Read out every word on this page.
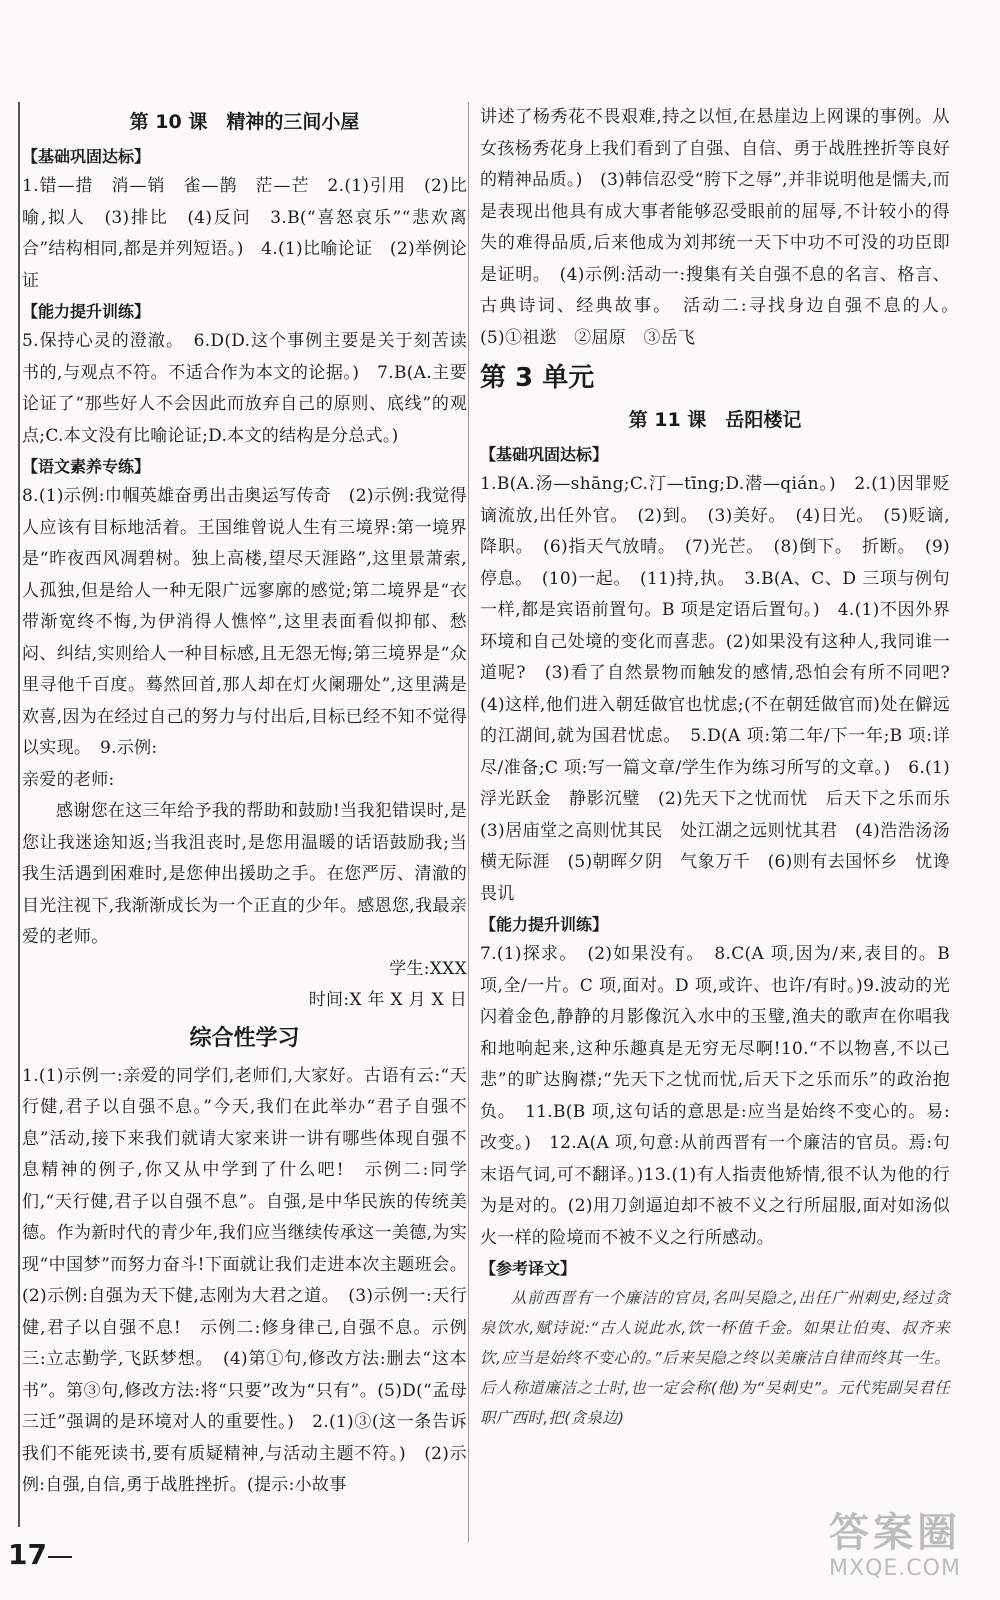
第 10 课　精神的三间小屋
【基础巩固达标】

1.错—措　消—销　雀—鹊　茫—芒　2.(1)引用　(2)比喻,拟人　(3)排比　(4)反问　3.B(“喜怒哀乐”“悲欢离合”结构相同,都是并列短语。)　4.(1)比喻论证　(2)举例论证

【能力提升训练】

5.保持心灵的澄澈。　6.D(D.这个事例主要是关于刻苦读书的,与观点不符。不适合作为本文的论据。)　7.B(A.主要论证了“那些好人不会因此而放弃自己的原则、底线”的观点;C.本文没有比喻论证;D.本文的结构是分总式。)

【语文素养专练】

8.(1)示例:巾帼英雄奋勇出击奥运写传奇　(2)示例:我觉得人应该有目标地活着。王国维曾说人生有三境界:第一境界是“昨夜西风凋碧树。独上高楼,望尽天涯路”,这里景萧索,人孤独,但是给人一种无限广远寥廓的感觉;第二境界是“衣带渐宽终不悔,为伊消得人憔悴”,这里表面看似抑郁、愁闷、纠结,实则给人一种目标感,且无怨无悔;第三境界是“众里寻他千百度。蓦然回首,那人却在灯火阑珊处”,这里满是欢喜,因为在经过自己的努力与付出后,目标已经不知不觉得以实现。　9.示例:

亲爱的老师:

感谢您在这三年给予我的帮助和鼓励!当我犯错误时,是您让我迷途知返;当我沮丧时,是您用温暖的话语鼓励我;当我生活遇到困难时,是您伸出援助之手。在您严厉、清澈的目光注视下,我渐渐成长为一个正直的少年。感恩您,我最亲爱的老师。

学生:XXX

时间:X 年 X 月 X 日

综合性学习

1.(1)示例一:亲爱的同学们,老师们,大家好。古语有云:“天行健,君子以自强不息。”今天,我们在此举办“君子自强不息”活动,接下来我们就请大家来讲一讲有哪些体现自强不息精神的例子,你又从中学到了什么吧!　示例二:同学们,“天行健,君子以自强不息”。自强,是中华民族的传统美德。作为新时代的青少年,我们应当继续传承这一美德,为实现“中国梦”而努力奋斗!下面就让我们走进本次主题班会。(2)示例:自强为天下健,志刚为大君之道。　(3)示例一:天行健,君子以自强不息!　示例二:修身律己,自强不息。示例三:立志勤学,飞跃梦想。　(4)第①句,修改方法:删去“这本书”。第③句,修改方法:将“只要”改为“只有”。(5)D(“孟母三迁”强调的是环境对人的重要性。)　2.(1)③(这一条告诉我们不能死读书,要有质疑精神,与活动主题不符。)　(2)示例:自强,自信,勇于战胜挫折。(提示:小故事

讲述了杨秀花不畏艰难,持之以恒,在悬崖边上网课的事例。从女孩杨秀花身上我们看到了自强、自信、勇于战胜挫折等良好的精神品质。)　(3)韩信忍受“胯下之辱”,并非说明他是懦夫,而是表现出他具有成大事者能够忍受眼前的屈辱,不计较小的得失的难得品质,后来他成为刘邦统一天下中功不可没的功臣即是证明。　(4)示例:活动一:搜集有关自强不息的名言、格言、古典诗词、经典故事。　活动二:寻找身边自强不息的人。　(5)①祖逖　②屈原　③岳飞

第 3 单元
第 11 课　岳阳楼记
【基础巩固达标】

1.B(A.汤—shāng;C.汀—tīng;D.潜—qián。)　2.(1)因罪贬谪流放,出任外官。　(2)到。　(3)美好。　(4)日光。　(5)贬谪,降职。　(6)指天气放晴。　(7)光芒。　(8)倒下。　折断。　(9)停息。　(10)一起。　(11)持,执。　3.B(A、C、D 三项与例句一样,都是宾语前置句。B 项是定语后置句。)　4.(1)不因外界环境和自己处境的变化而喜悲。(2)如果没有这种人,我同谁一道呢?　(3)看了自然景物而触发的感情,恐怕会有所不同吧?　(4)这样,他们进入朝廷做官也忧虑;(不在朝廷做官而)处在僻远的江湖间,就为国君忧虑。　5.D(A 项:第二年/下一年;B 项:详尽/准备;C 项:写一篇文章/学生作为练习所写的文章。)　6.(1)浮光跃金　静影沉璧　(2)先天下之忧而忧　后天下之乐而乐　(3)居庙堂之高则忧其民　处江湖之远则忧其君　(4)浩浩汤汤　横无际涯　(5)朝晖夕阴　气象万千　(6)则有去国怀乡　忧谗畏讥

【能力提升训练】

7.(1)探求。　(2)如果没有。　8.C(A 项,因为/来,表目的。B 项,全/一片。C 项,面对。D 项,或许、也许/有时。)9.波动的光闪着金色,静静的月影像沉入水中的玉璧,渔夫的歌声在你唱我和地响起来,这种乐趣真是无穷无尽啊!10.“不以物喜,不以己悲”的旷达胸襟;“先天下之忧而忧,后天下之乐而乐”的政治抱负。　11.B(B 项,这句话的意思是:应当是始终不变心的。易:改变。)　12.A(A 项,句意:从前西晋有一个廉洁的官员。焉:句末语气词,可不翻译。)13.(1)有人指责他矫情,很不认为他的行为是对的。(2)用刀剑逼迫却不被不义之行所屈服,面对如汤似火一样的险境而不被不义之行所感动。

【参考译文】

从前西晋有一个廉洁的官员,名叫吴隐之,出任广州刺史,经过贪泉饮水,赋诗说:“古人说此水,饮一杯值千金。如果让伯夷、叔齐来饮,应当是始终不变心的。”后来吴隐之终以美廉洁自律而终其一生。后人称道廉洁之士时,也一定会称(他)为“吴刺史”。元代宪副吴君任职广西时,把(贪泉边)

17	答案圈
MXQE.COM
